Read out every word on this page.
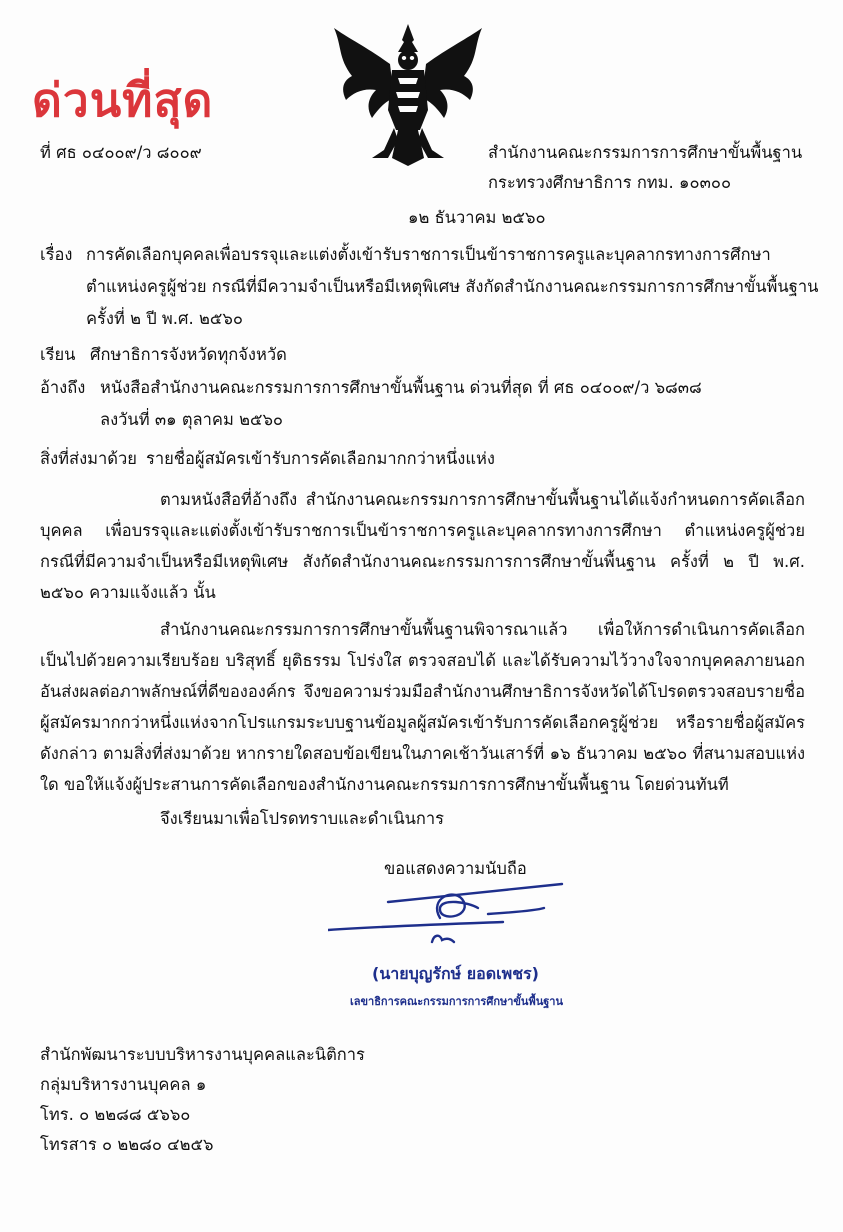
ด่วนที่สุด
ที่ ศธ ๐๔๐๐๙/ว ๘๐๐๙	สำนักงานคณะกรรมการการศึกษาขั้นพื้นฐาน
กระทรวงศึกษาธิการ กทม. ๑๐๓๐๐
๑๒ ธันวาคม ๒๕๖๐
เรื่อง การคัดเลือกบุคคลเพื่อบรรจุและแต่งตั้งเข้ารับราชการเป็นข้าราชการครูและบุคลากรทางการศึกษา
ตำแหน่งครูผู้ช่วย กรณีที่มีความจำเป็นหรือมีเหตุพิเศษ สังกัดสำนักงานคณะกรรมการการศึกษาขั้นพื้นฐาน
ครั้งที่ ๒ ปี พ.ศ. ๒๕๖๐
เรียน ศึกษาธิการจังหวัดทุกจังหวัด
อ้างถึง หนังสือสำนักงานคณะกรรมการการศึกษาขั้นพื้นฐาน ด่วนที่สุด ที่ ศธ ๐๔๐๐๙/ว ๖๘๓๘
ลงวันที่ ๓๑ ตุลาคม ๒๕๖๐
สิ่งที่ส่งมาด้วย รายชื่อผู้สมัครเข้ารับการคัดเลือกมากกว่าหนึ่งแห่ง
ตามหนังสือที่อ้างถึง สำนักงานคณะกรรมการการศึกษาขั้นพื้นฐานได้แจ้งกำหนดการคัดเลือกบุคคล เพื่อบรรจุและแต่งตั้งเข้ารับราชการเป็นข้าราชการครูและบุคลากรทางการศึกษา ตำแหน่งครูผู้ช่วย กรณีที่มีความจำเป็นหรือมีเหตุพิเศษ สังกัดสำนักงานคณะกรรมการการศึกษาขั้นพื้นฐาน ครั้งที่ ๒ ปี พ.ศ. ๒๕๖๐ ความแจ้งแล้ว นั้น
สำนักงานคณะกรรมการการศึกษาขั้นพื้นฐานพิจารณาแล้ว เพื่อให้การดำเนินการคัดเลือก เป็นไปด้วยความเรียบร้อย บริสุทธิ์ ยุติธรรม โปร่งใส ตรวจสอบได้ และได้รับความไว้วางใจจากบุคคลภายนอก อันส่งผลต่อภาพลักษณ์ที่ดีขององค์กร จึงขอความร่วมมือสำนักงานศึกษาธิการจังหวัดได้โปรดตรวจสอบรายชื่อ ผู้สมัครมากกว่าหนึ่งแห่งจากโปรแกรมระบบฐานข้อมูลผู้สมัครเข้ารับการคัดเลือกครูผู้ช่วย หรือรายชื่อผู้สมัคร ดังกล่าว ตามสิ่งที่ส่งมาด้วย หากรายใดสอบข้อเขียนในภาคเช้าวันเสาร์ที่ ๑๖ ธันวาคม ๒๕๖๐ ที่สนามสอบแห่งใด ขอให้แจ้งผู้ประสานการคัดเลือกของสำนักงานคณะกรรมการการศึกษาขั้นพื้นฐาน โดยด่วนทันที
จึงเรียนมาเพื่อโปรดทราบและดำเนินการ
ขอแสดงความนับถือ
(นายบุญรักษ์ ยอดเพชร)
เลขาธิการคณะกรรมการการศึกษาขั้นพื้นฐาน
สำนักพัฒนาระบบบริหารงานบุคคลและนิติการ
กลุ่มบริหารงานบุคคล ๑
โทร. ๐ ๒๒๘๘ ๕๖๖๐
โทรสาร ๐ ๒๒๘๐ ๔๒๕๖
